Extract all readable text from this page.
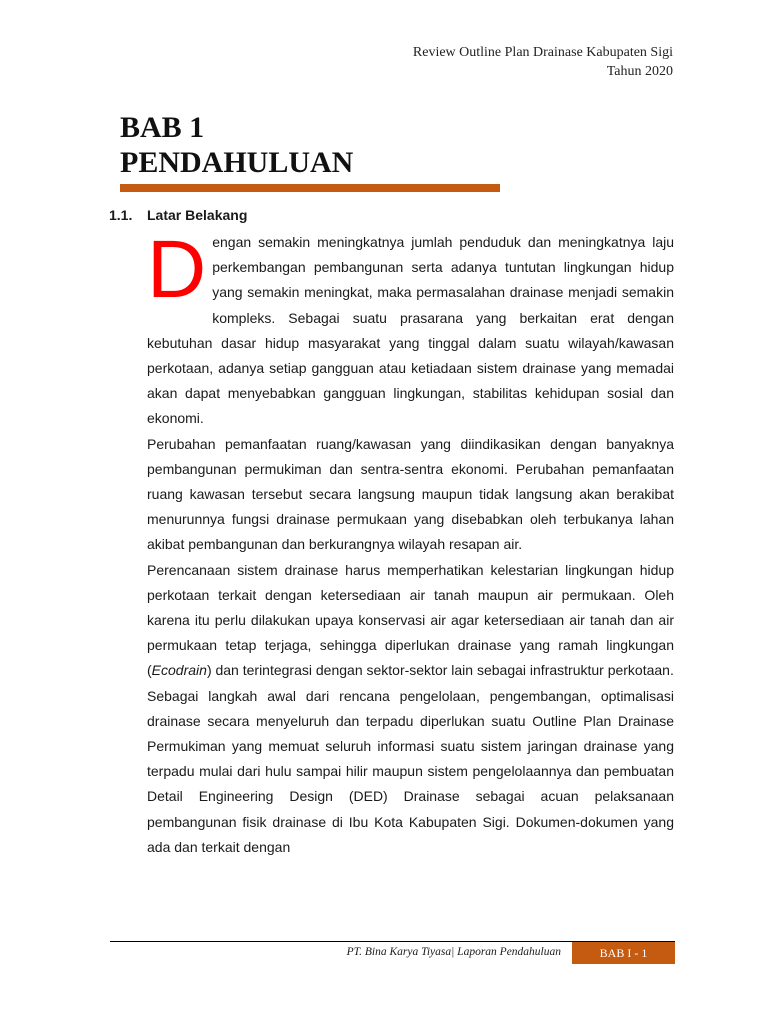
Review Outline Plan Drainase Kabupaten Sigi
Tahun 2020
BAB 1
PENDAHULUAN
1.1. Latar Belakang

Dengan semakin meningkatnya jumlah penduduk dan meningkatnya laju perkembangan pembangunan serta adanya tuntutan lingkungan hidup yang semakin meningkat, maka permasalahan drainase menjadi semakin kompleks. Sebagai suatu prasarana yang berkaitan erat dengan kebutuhan dasar hidup masyarakat yang tinggal dalam suatu wilayah/kawasan perkotaan, adanya setiap gangguan atau ketiadaan sistem drainase yang memadai akan dapat menyebabkan gangguan lingkungan, stabilitas kehidupan sosial dan ekonomi.

Perubahan pemanfaatan ruang/kawasan yang diindikasikan dengan banyaknya pembangunan permukiman dan sentra-sentra ekonomi. Perubahan pemanfaatan ruang kawasan tersebut secara langsung maupun tidak langsung akan berakibat menurunnya fungsi drainase permukaan yang disebabkan oleh terbukanya lahan akibat pembangunan dan berkurangnya wilayah resapan air.

Perencanaan sistem drainase harus memperhatikan kelestarian lingkungan hidup perkotaan terkait dengan ketersediaan air tanah maupun air permukaan. Oleh karena itu perlu dilakukan upaya konservasi air agar ketersediaan air tanah dan air permukaan tetap terjaga, sehingga diperlukan drainase yang ramah lingkungan (Ecodrain) dan terintegrasi dengan sektor-sektor lain sebagai infrastruktur perkotaan.

Sebagai langkah awal dari rencana pengelolaan, pengembangan, optimalisasi drainase secara menyeluruh dan terpadu diperlukan suatu Outline Plan Drainase Permukiman yang memuat seluruh informasi suatu sistem jaringan drainase yang terpadu mulai dari hulu sampai hilir maupun sistem pengelolaannya dan pembuatan Detail Engineering Design (DED) Drainase sebagai acuan pelaksanaan pembangunan fisik drainase di Ibu Kota Kabupaten Sigi. Dokumen-dokumen yang ada dan terkait dengan

PT. Bina Karya Tiyasa| Laporan Pendahuluan	BAB I - 1
